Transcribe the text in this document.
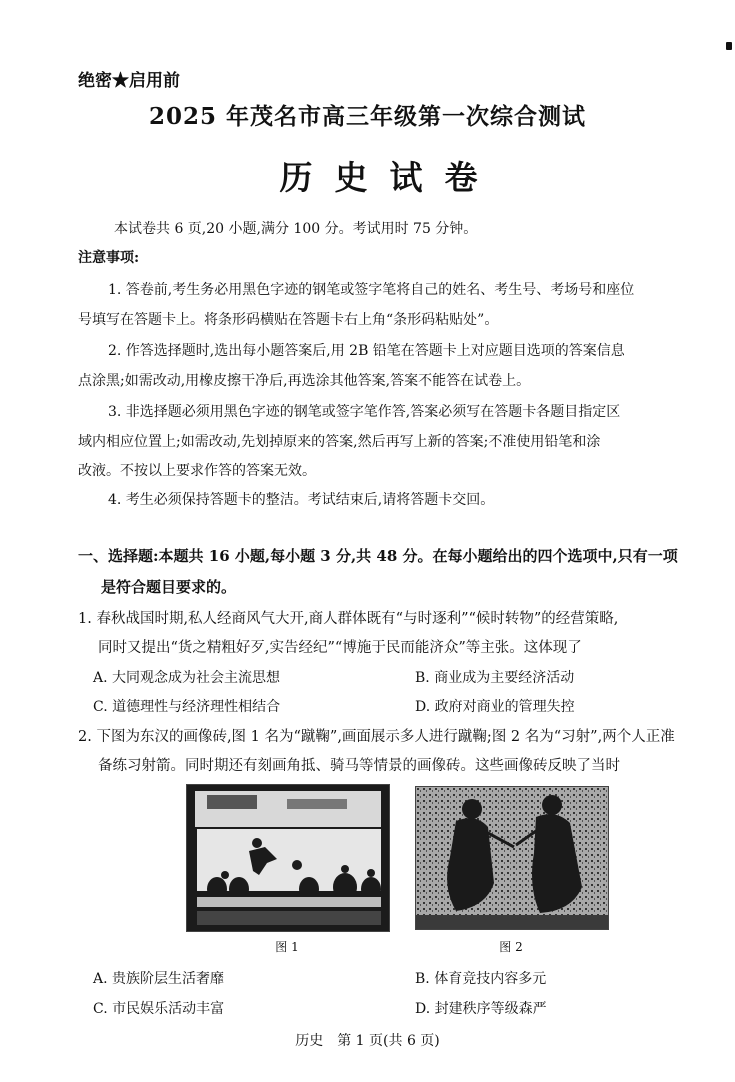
绝密★启用前
2025 年茂名市高三年级第一次综合测试
历史试卷
本试卷共 6 页,20 小题,满分 100 分。考试用时 75 分钟。
注意事项:
1. 答卷前,考生务必用黑色字迹的钢笔或签字笔将自己的姓名、考生号、考场号和座位
号填写在答题卡上。将条形码横贴在答题卡右上角“条形码粘贴处”。
2. 作答选择题时,选出每小题答案后,用 2B 铅笔在答题卡上对应题目选项的答案信息
点涂黑;如需改动,用橡皮擦干净后,再选涂其他答案,答案不能答在试卷上。
3. 非选择题必须用黑色字迹的钢笔或签字笔作答,答案必须写在答题卡各题目指定区
域内相应位置上;如需改动,先划掉原来的答案,然后再写上新的答案;不准使用铅笔和涂
改液。不按以上要求作答的答案无效。
4. 考生必须保持答题卡的整洁。考试结束后,请将答题卡交回。
一、选择题:本题共 16 小题,每小题 3 分,共 48 分。在每小题给出的四个选项中,只有一项
是符合题目要求的。
1. 春秋战国时期,私人经商风气大开,商人群体既有“与时逐利”“候时转物”的经营策略,
同时又提出“货之精粗好歹,实告经纪”“博施于民而能济众”等主张。这体现了
A. 大同观念成为社会主流思想	B. 商业成为主要经济活动
C. 道德理性与经济理性相结合	D. 政府对商业的管理失控
2. 下图为东汉的画像砖,图 1 名为“蹴鞠”,画面展示多人进行蹴鞠;图 2 名为“习射”,两个人正准
备练习射箭。同时期还有刻画角抵、骑马等情景的画像砖。这些画像砖反映了当时
图 1	图 2
A. 贵族阶层生活奢靡	B. 体育竞技内容多元
C. 市民娱乐活动丰富	D. 封建秩序等级森严
历史　第 1 页(共 6 页)
